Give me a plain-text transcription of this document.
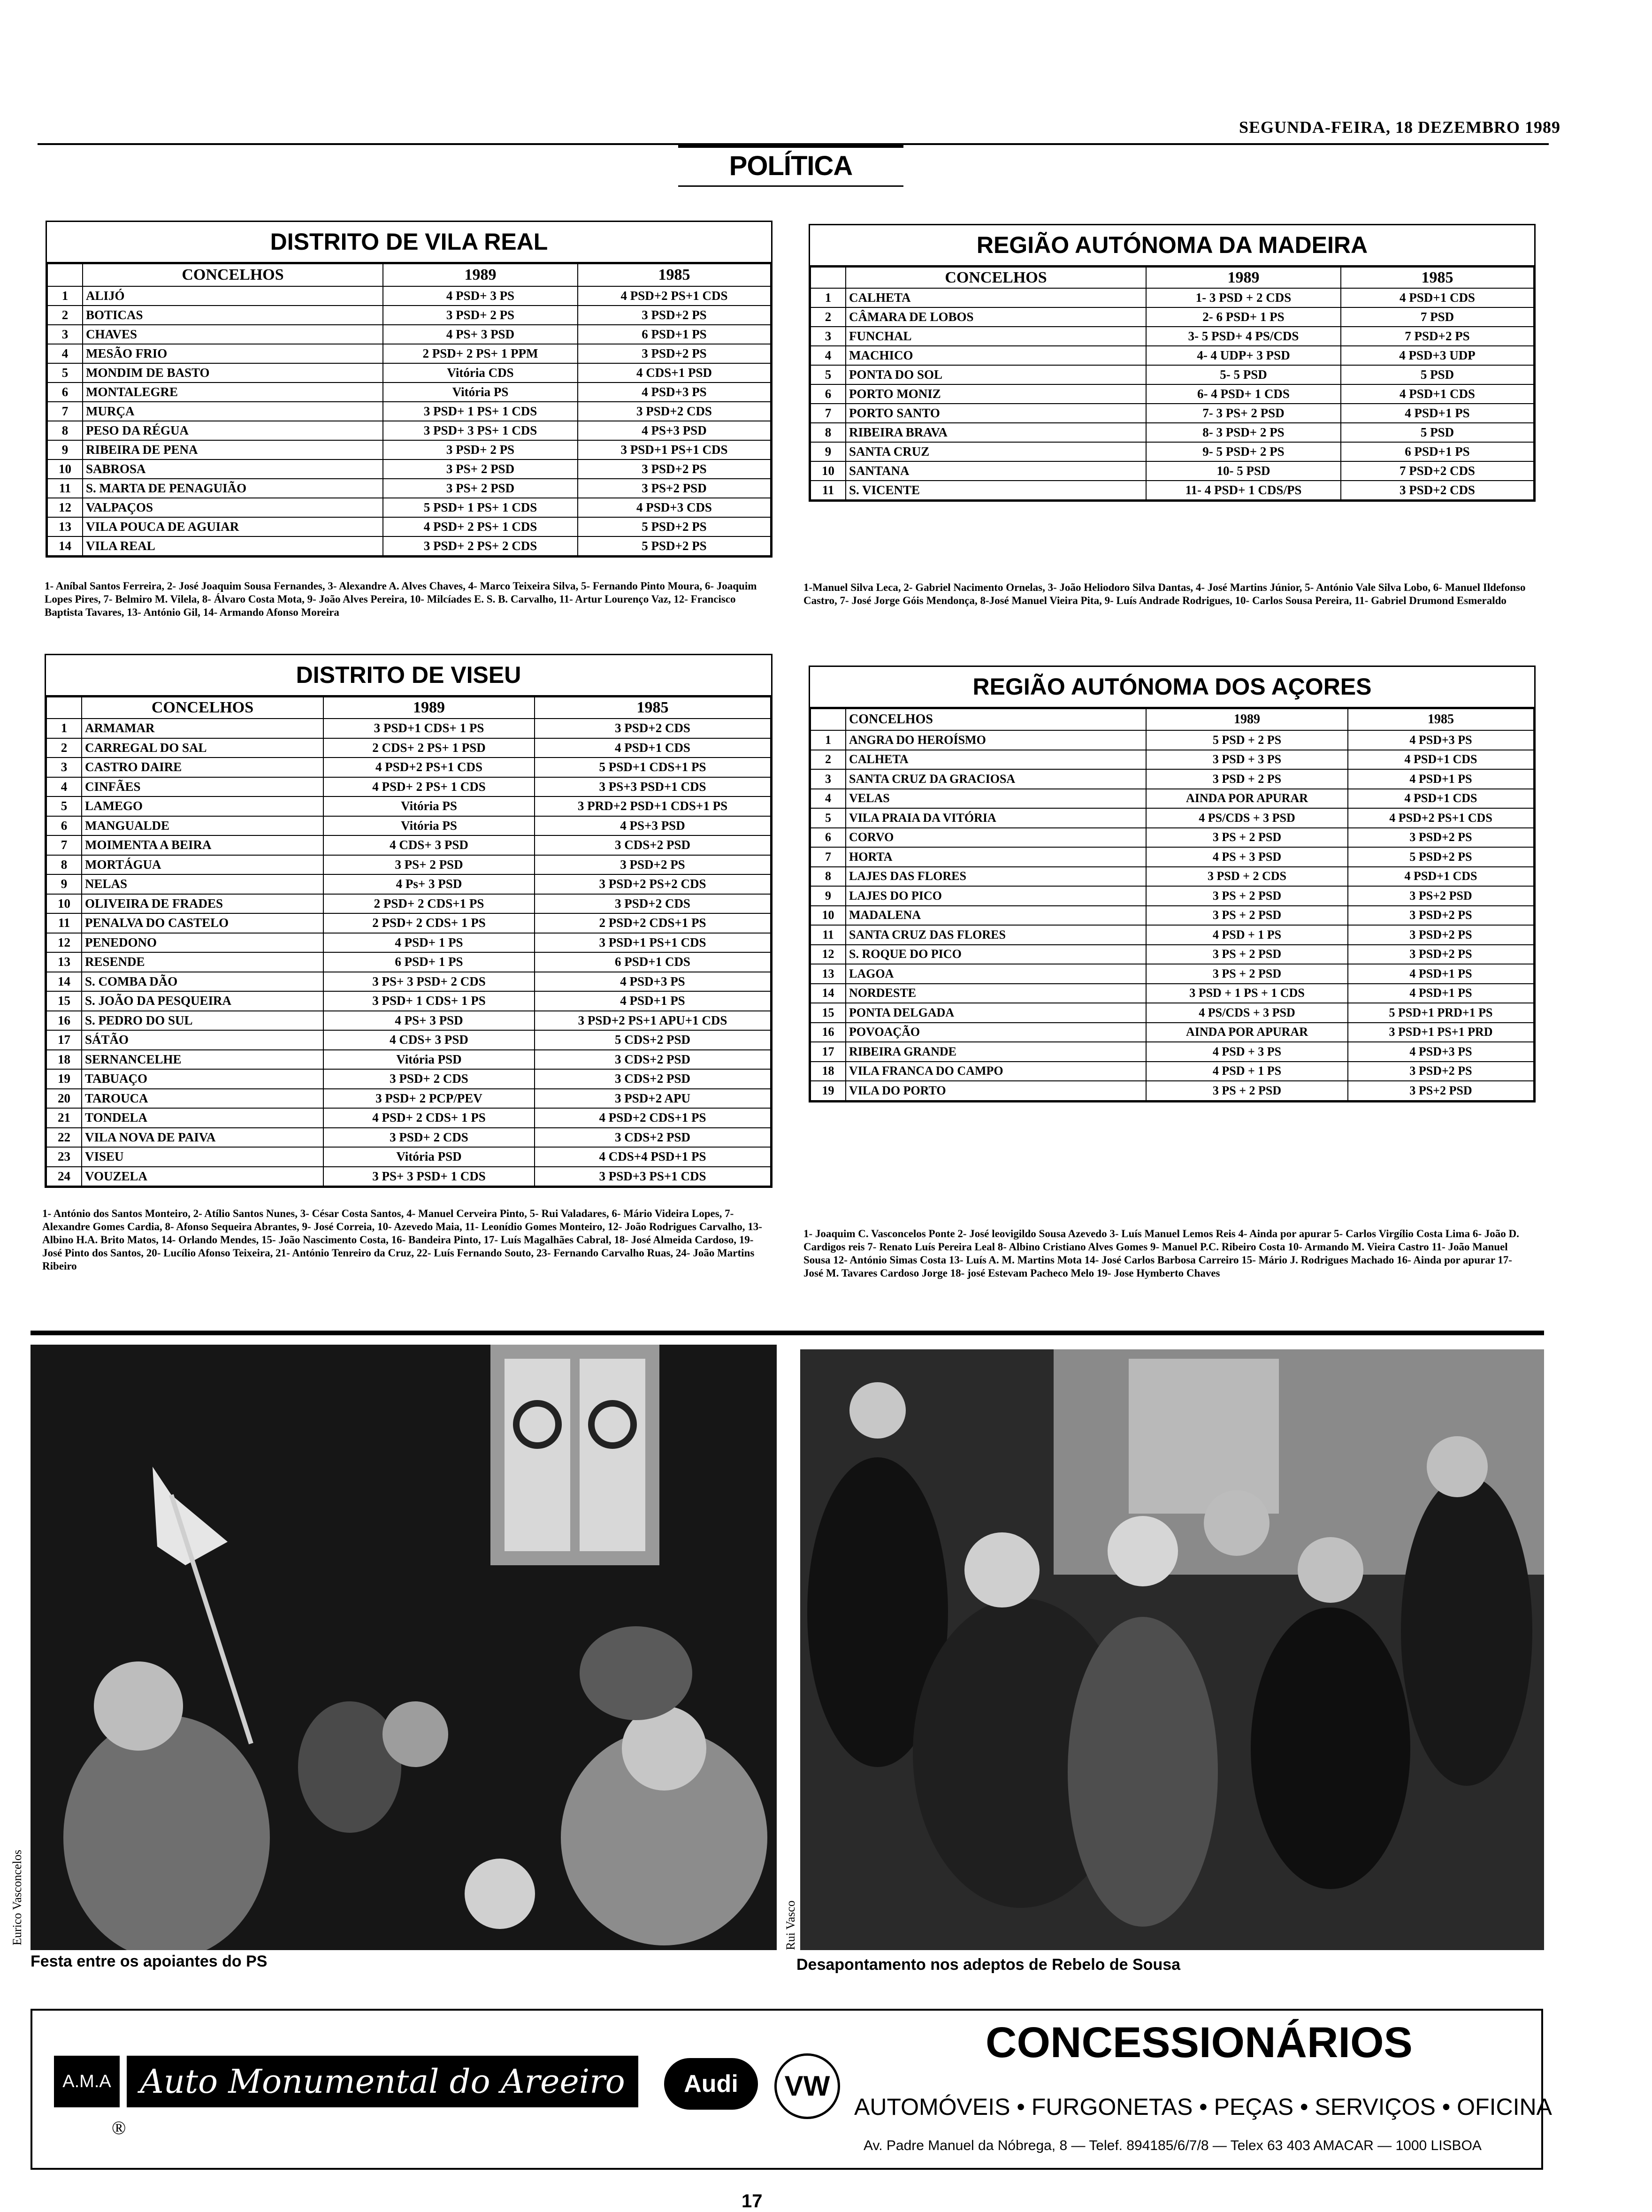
SEGUNDA-FEIRA, 18 DEZEMBRO 1989
POLÍTICA
DISTRITO DE VILA REAL
	CONCELHOS	1989	1985
1	ALIJÓ	4 PSD+ 3 PS	4 PSD+2 PS+1 CDS
2	BOTICAS	3 PSD+ 2 PS	3 PSD+2 PS
3	CHAVES	4 PS+ 3 PSD	6 PSD+1 PS
4	MESÃO FRIO	2 PSD+ 2 PS+ 1 PPM	3 PSD+2 PS
5	MONDIM DE BASTO	Vitória CDS	4 CDS+1 PSD
6	MONTALEGRE	Vitória PS	4 PSD+3 PS
7	MURÇA	3 PSD+ 1 PS+ 1 CDS	3 PSD+2 CDS
8	PESO DA RÉGUA	3 PSD+ 3 PS+ 1 CDS	4 PS+3 PSD
9	RIBEIRA DE PENA	3 PSD+ 2 PS	3 PSD+1 PS+1 CDS
10	SABROSA	3 PS+ 2 PSD	3 PSD+2 PS
11	S. MARTA DE PENAGUIÃO	3 PS+ 2 PSD	3 PS+2 PSD
12	VALPAÇOS	5 PSD+ 1 PS+ 1 CDS	4 PSD+3 CDS
13	VILA POUCA DE AGUIAR	4 PSD+ 2 PS+ 1 CDS	5 PSD+2 PS
14	VILA REAL	3 PSD+ 2 PS+ 2 CDS	5 PSD+2 PS
1- Aníbal Santos Ferreira, 2- José Joaquim Sousa Fernandes, 3- Alexandre A. Alves Chaves, 4- Marco Teixeira Silva, 5- Fernando Pinto Moura, 6- Joaquim Lopes Pires, 7- Belmiro M. Vilela, 8- Álvaro Costa Mota, 9- João Alves Pereira, 10- Milcíades E. S. B. Carvalho, 11- Artur Lourenço Vaz, 12- Francisco Baptista Tavares, 13- António Gil, 14- Armando Afonso Moreira
REGIÃO AUTÓNOMA DA MADEIRA
	CONCELHOS	1989	1985
1	CALHETA	1- 3 PSD + 2 CDS	4 PSD+1 CDS
2	CÂMARA DE LOBOS	2- 6 PSD+ 1 PS	7 PSD
3	FUNCHAL	3- 5 PSD+ 4 PS/CDS	7 PSD+2 PS
4	MACHICO	4- 4 UDP+ 3 PSD	4 PSD+3 UDP
5	PONTA DO SOL	5- 5 PSD	5 PSD
6	PORTO MONIZ	6- 4 PSD+ 1 CDS	4 PSD+1 CDS
7	PORTO SANTO	7- 3 PS+ 2 PSD	4 PSD+1 PS
8	RIBEIRA BRAVA	8- 3 PSD+ 2 PS	5 PSD
9	SANTA CRUZ	9- 5 PSD+ 2 PS	6 PSD+1 PS
10	SANTANA	10- 5 PSD	7 PSD+2 CDS
11	S. VICENTE	11- 4 PSD+ 1 CDS/PS	3 PSD+2 CDS
1-Manuel Silva Leca, 2- Gabriel Nacimento Ornelas, 3- João Heliodoro Silva Dantas, 4- José Martins Júnior, 5- António Vale Silva Lobo, 6- Manuel Ildefonso Castro, 7- José Jorge Góis Mendonça, 8-José Manuel Vieira Pita, 9- Luís Andrade Rodrigues, 10- Carlos Sousa Pereira, 11- Gabriel Drumond Esmeraldo
DISTRITO DE VISEU
	CONCELHOS	1989	1985
1	ARMAMAR	3 PSD+1 CDS+ 1 PS	3 PSD+2 CDS
2	CARREGAL DO SAL	2 CDS+ 2 PS+ 1 PSD	4 PSD+1 CDS
3	CASTRO DAIRE	4 PSD+2 PS+1 CDS	5 PSD+1 CDS+1 PS
4	CINFÃES	4 PSD+ 2 PS+ 1 CDS	3 PS+3 PSD+1 CDS
5	LAMEGO	Vitória PS	3 PRD+2 PSD+1 CDS+1 PS
6	MANGUALDE	Vitória PS	4 PS+3 PSD
7	MOIMENTA A BEIRA	4 CDS+ 3 PSD	3 CDS+2 PSD
8	MORTÁGUA	3 PS+ 2 PSD	3 PSD+2 PS
9	NELAS	4 Ps+ 3 PSD	3 PSD+2 PS+2 CDS
10	OLIVEIRA DE FRADES	2 PSD+ 2 CDS+1 PS	3 PSD+2 CDS
11	PENALVA DO CASTELO	2 PSD+ 2 CDS+ 1 PS	2 PSD+2 CDS+1 PS
12	PENEDONO	4 PSD+ 1 PS	3 PSD+1 PS+1 CDS
13	RESENDE	6 PSD+ 1 PS	6 PSD+1 CDS
14	S. COMBA DÃO	3 PS+ 3 PSD+ 2 CDS	4 PSD+3 PS
15	S. JOÃO DA PESQUEIRA	3 PSD+ 1 CDS+ 1 PS	4 PSD+1 PS
16	S. PEDRO DO SUL	4 PS+ 3 PSD	3 PSD+2 PS+1 APU+1 CDS
17	SÁTÃO	4 CDS+ 3 PSD	5 CDS+2 PSD
18	SERNANCELHE	Vitória PSD	3 CDS+2 PSD
19	TABUAÇO	3 PSD+ 2 CDS	3 CDS+2 PSD
20	TAROUCA	3 PSD+ 2 PCP/PEV	3 PSD+2 APU
21	TONDELA	4 PSD+ 2 CDS+ 1 PS	4 PSD+2 CDS+1 PS
22	VILA NOVA DE PAIVA	3 PSD+ 2 CDS	3 CDS+2 PSD
23	VISEU	Vitória PSD	4 CDS+4 PSD+1 PS
24	VOUZELA	3 PS+ 3 PSD+ 1 CDS	3 PSD+3 PS+1 CDS
1- António dos Santos Monteiro, 2- Atílio Santos Nunes, 3- César Costa Santos, 4- Manuel Cerveira Pinto, 5- Rui Valadares, 6- Mário Videira Lopes, 7- Alexandre Gomes Cardia, 8- Afonso Sequeira Abrantes, 9- José Correia, 10- Azevedo Maia, 11- Leonídio Gomes Monteiro, 12- João Rodrigues Carvalho, 13- Albino H.A. Brito Matos, 14- Orlando Mendes, 15- João Nascimento Costa, 16- Bandeira Pinto, 17- Luís Magalhães Cabral, 18- José Almeida Cardoso, 19- José Pinto dos Santos, 20- Lucílio Afonso Teixeira, 21- António Tenreiro da Cruz, 22- Luís Fernando Souto, 23- Fernando Carvalho Ruas, 24- João Martins Ribeiro
REGIÃO AUTÓNOMA DOS AÇORES
	CONCELHOS	1989	1985
1	ANGRA DO HEROÍSMO	5 PSD + 2 PS	4 PSD+3 PS
2	CALHETA	3 PSD + 3 PS	4 PSD+1 CDS
3	SANTA CRUZ DA GRACIOSA	3 PSD + 2 PS	4 PSD+1 PS
4	VELAS	AINDA POR APURAR	4 PSD+1 CDS
5	VILA PRAIA DA VITÓRIA	4 PS/CDS + 3 PSD	4 PSD+2 PS+1 CDS
6	CORVO	3 PS + 2 PSD	3 PSD+2 PS
7	HORTA	4 PS + 3 PSD	5 PSD+2 PS
8	LAJES DAS FLORES	3 PSD + 2 CDS	4 PSD+1 CDS
9	LAJES DO PICO	3 PS + 2 PSD	3 PS+2 PSD
10	MADALENA	3 PS + 2 PSD	3 PSD+2 PS
11	SANTA CRUZ DAS FLORES	4 PSD + 1 PS	3 PSD+2 PS
12	S. ROQUE DO PICO	3 PS + 2 PSD	3 PSD+2 PS
13	LAGOA	3 PS + 2 PSD	4 PSD+1 PS
14	NORDESTE	3 PSD + 1 PS + 1 CDS	4 PSD+1 PS
15	PONTA DELGADA	4 PS/CDS + 3 PSD	5 PSD+1 PRD+1 PS
16	POVOAÇÃO	AINDA POR APURAR	3 PSD+1 PS+1 PRD
17	RIBEIRA GRANDE	4 PSD + 3 PS	4 PSD+3 PS
18	VILA FRANCA DO CAMPO	4 PSD + 1 PS	3 PSD+2 PS
19	VILA DO PORTO	3 PS + 2 PSD	3 PS+2 PSD
1- Joaquim C. Vasconcelos Ponte 2- José leovigildo Sousa Azevedo 3- Luís Manuel Lemos Reis 4- Ainda por apurar 5- Carlos Virgílio Costa Lima 6- João D. Cardigos reis 7- Renato Luís Pereira Leal 8- Albino Cristiano Alves Gomes 9- Manuel P.C. Ribeiro Costa 10- Armando M. Vieira Castro 11- João Manuel Sousa 12- António Simas Costa 13- Luís A. M. Martins Mota 14- José Carlos Barbosa Carreiro 15- Mário J. Rodrigues Machado 16- Ainda por apurar 17- José M. Tavares Cardoso Jorge 18- josé Estevam Pacheco Melo 19- Jose Hymberto Chaves
Eurico Vasconcelos
Festa entre os apoiantes do PS
Rui Vasco
Desapontamento nos adeptos de Rebelo de Sousa
A.M.A Auto Monumental do Areeiro
®
Audi	VW
CONCESSIONÁRIOS
AUTOMÓVEIS • FURGONETAS • PEÇAS • SERVIÇOS • OFICINA
Av. Padre Manuel da Nóbrega, 8 — Telef. 894185/6/7/8 — Telex 63 403 AMACAR — 1000 LISBOA
17
